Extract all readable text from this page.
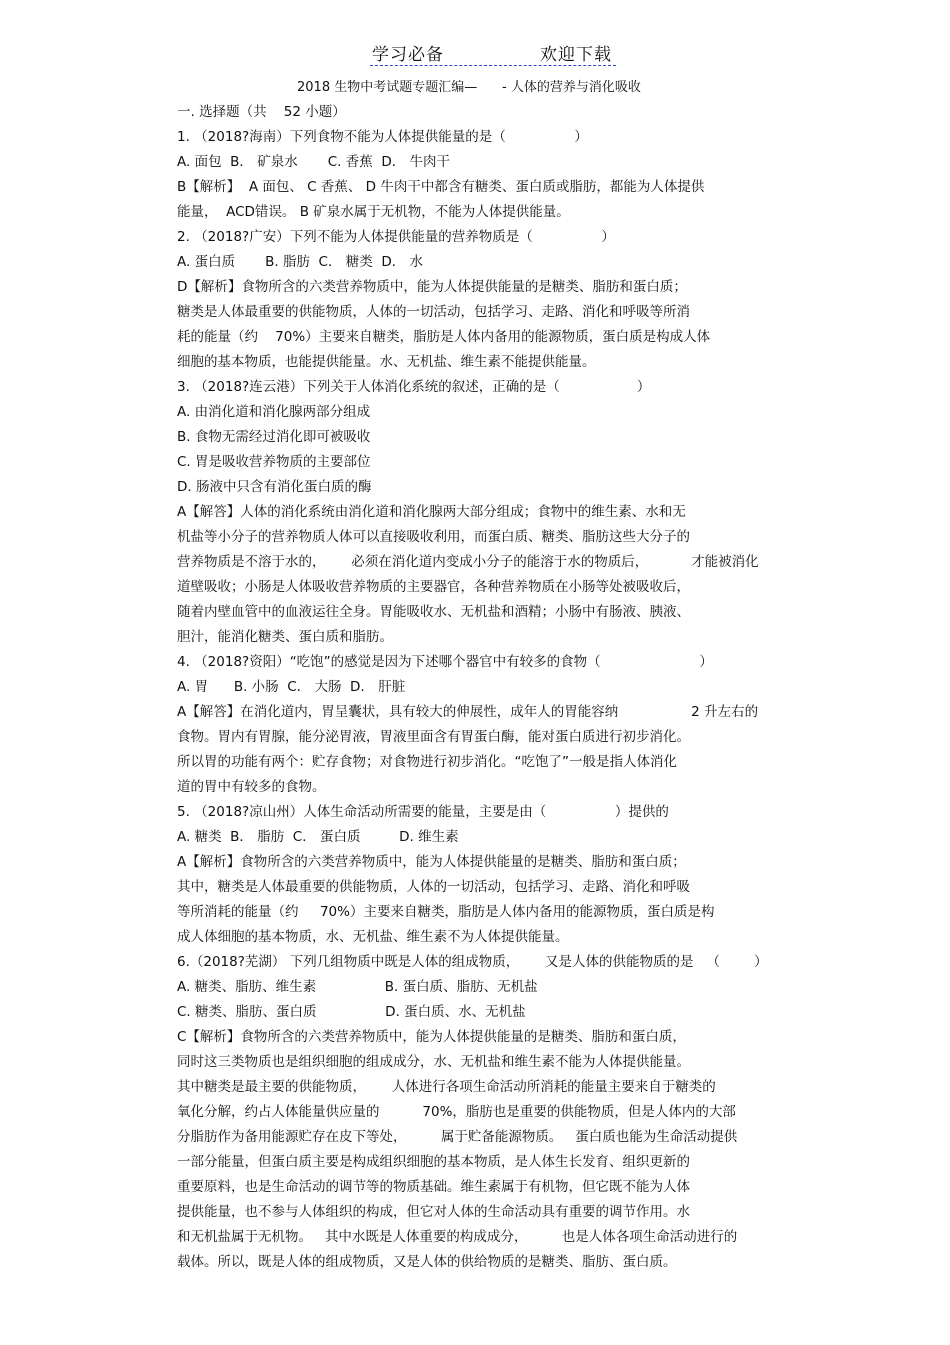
学习必备	欢迎下载
2018 生物中考试题专题汇编—      - 人体的营养与消化吸收
一. 选择题（共    52 小题）
1. （2018?海南）下列食物不能为人体提供能量的是（                ）
A. 面包  B． 矿泉水       C. 香蕉  D． 牛肉干
B【解析】  A 面包、 C 香蕉、 D 牛肉干中都含有糖类、蛋白质或脂肪，都能为人体提供
能量，  ACD错误。 B 矿泉水属于无机物，不能为人体提供能量。
2. （2018?广安）下列不能为人体提供能量的营养物质是（                ）
A. 蛋白质       B. 脂肪  C． 糖类  D． 水
D【解析】食物所含的六类营养物质中，能为人体提供能量的是糖类、脂肪和蛋白质；
糖类是人体最重要的供能物质，人体的一切活动，包括学习、走路、消化和呼吸等所消
耗的能量（约    70%）主要来自糖类，脂肪是人体内备用的能源物质，蛋白质是构成人体
细胞的基本物质，也能提供能量。水、无机盐、维生素不能提供能量。
3. （2018?连云港）下列关于人体消化系统的叙述，正确的是（                  ）
A. 由消化道和消化腺两部分组成
B. 食物无需经过消化即可被吸收
C. 胃是吸收营养物质的主要部位
D. 肠液中只含有消化蛋白质的酶
A【解答】人体的消化系统由消化道和消化腺两大部分组成；食物中的维生素、水和无
机盐等小分子的营养物质人体可以直接吸收利用，而蛋白质、糖类、脂肪这些大分子的
营养物质是不溶于水的，      必须在消化道内变成小分子的能溶于水的物质后，          才能被消化
道壁吸收；小肠是人体吸收营养物质的主要器官，各种营养物质在小肠等处被吸收后，
随着内壁血管中的血液运往全身。胃能吸收水、无机盐和酒精；小肠中有肠液、胰液、
胆汁，能消化糖类、蛋白质和脂肪。
4. （2018?资阳）“吃饱”的感觉是因为下述哪个器官中有较多的食物（                       ）
A. 胃      B. 小肠  C． 大肠  D． 肝脏
A【解答】在消化道内，胃呈囊状，具有较大的伸展性，成年人的胃能容纳                 2 升左右的
食物。胃内有胃腺，能分泌胃液，胃液里面含有胃蛋白酶，能对蛋白质进行初步消化。
所以胃的功能有两个：贮存食物；对食物进行初步消化。“吃饱了”一般是指人体消化
道的胃中有较多的食物。
5. （2018?凉山州）人体生命活动所需要的能量，主要是由（                ）提供的
A. 糖类  B． 脂肪  C． 蛋白质         D. 维生素
A【解析】食物所含的六类营养物质中，能为人体提供能量的是糖类、脂肪和蛋白质；
其中，糖类是人体最重要的供能物质，人体的一切活动，包括学习、走路、消化和呼吸
等所消耗的能量（约     70%）主要来自糖类，脂肪是人体内备用的能源物质，蛋白质是构
成人体细胞的基本物质，水、无机盐、维生素不为人体提供能量。
6.（2018?芜湖） 下列几组物质中既是人体的组成物质，      又是人体的供能物质的是   （        ）
A. 糖类、脂肪、维生素                B. 蛋白质、脂肪、无机盐
C. 糖类、脂肪、蛋白质                D. 蛋白质、水、无机盐
C【解析】食物所含的六类营养物质中，能为人体提供能量的是糖类、脂肪和蛋白质，
同时这三类物质也是组织细胞的组成成分，水、无机盐和维生素不能为人体提供能量。
其中糖类是最主要的供能物质，      人体进行各项生命活动所消耗的能量主要来自于糖类的
氧化分解，约占人体能量供应量的          70%，脂肪也是重要的供能物质，但是人体内的大部
分脂肪作为备用能源贮存在皮下等处，        属于贮备能源物质。   蛋白质也能为生命活动提供
一部分能量，但蛋白质主要是构成组织细胞的基本物质，是人体生长发育、组织更新的
重要原料，也是生命活动的调节等的物质基础。维生素属于有机物，但它既不能为人体
提供能量，也不参与人体组织的构成，但它对人体的生命活动具有重要的调节作用。水
和无机盐属于无机物。   其中水既是人体重要的构成成分，        也是人体各项生命活动进行的
载体。所以，既是人体的组成物质，又是人体的供给物质的是糖类、脂肪、蛋白质。
